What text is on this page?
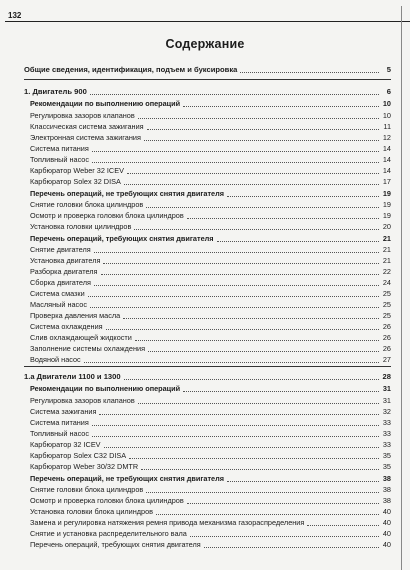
132
Содержание
Общие сведения, идентификация, подъем и буксировка	5
1. Двигатель 900	6
Рекомендации по выполнению операций	10
Регулировка зазоров клапанов	10
Классическая система зажигания	11
Электронная система зажигания	12
Система питания	14
Топливный насос	14
Карбюратор Weber 32 ICEV	14
Карбюратор Solex 32 DISA	17
Перечень операций, не требующих снятия двигателя	19
Снятие головки блока цилиндров	19
Осмотр и проверка головки блока цилиндров	19
Установка головки цилиндров	20
Перечень операций, требующих снятия двигателя	21
Снятие двигателя	21
Установка двигателя	21
Разборка двигателя	22
Сборка двигателя	24
Система смазки	25
Масляный насос	25
Проверка давления масла	25
Система охлаждения	26
Слив охлаждающей жидкости	26
Заполнение системы охлаждения	26
Водяной насос	27
1.а Двигатели 1100 и 1300	28
Рекомендации по выполнению операций	31
Регулировка зазоров клапанов	31
Система зажигания	32
Система питания	33
Топливный насос	33
Карбюратор 32 ICEV	33
Карбюратор Solex C32 DISA	35
Карбюратор Weber 30/32 DMTR	35
Перечень операций, не требующих снятия двигателя	38
Снятие головки блока цилиндров	38
Осмотр и проверка головки блока цилиндров	38
Установка головки блока цилиндров	40
Замена и регулировка натяжения ремня привода механизма газораспределения	40
Снятие и установка распределительного вала	40
Перечень операций, требующих снятия двигателя	40
